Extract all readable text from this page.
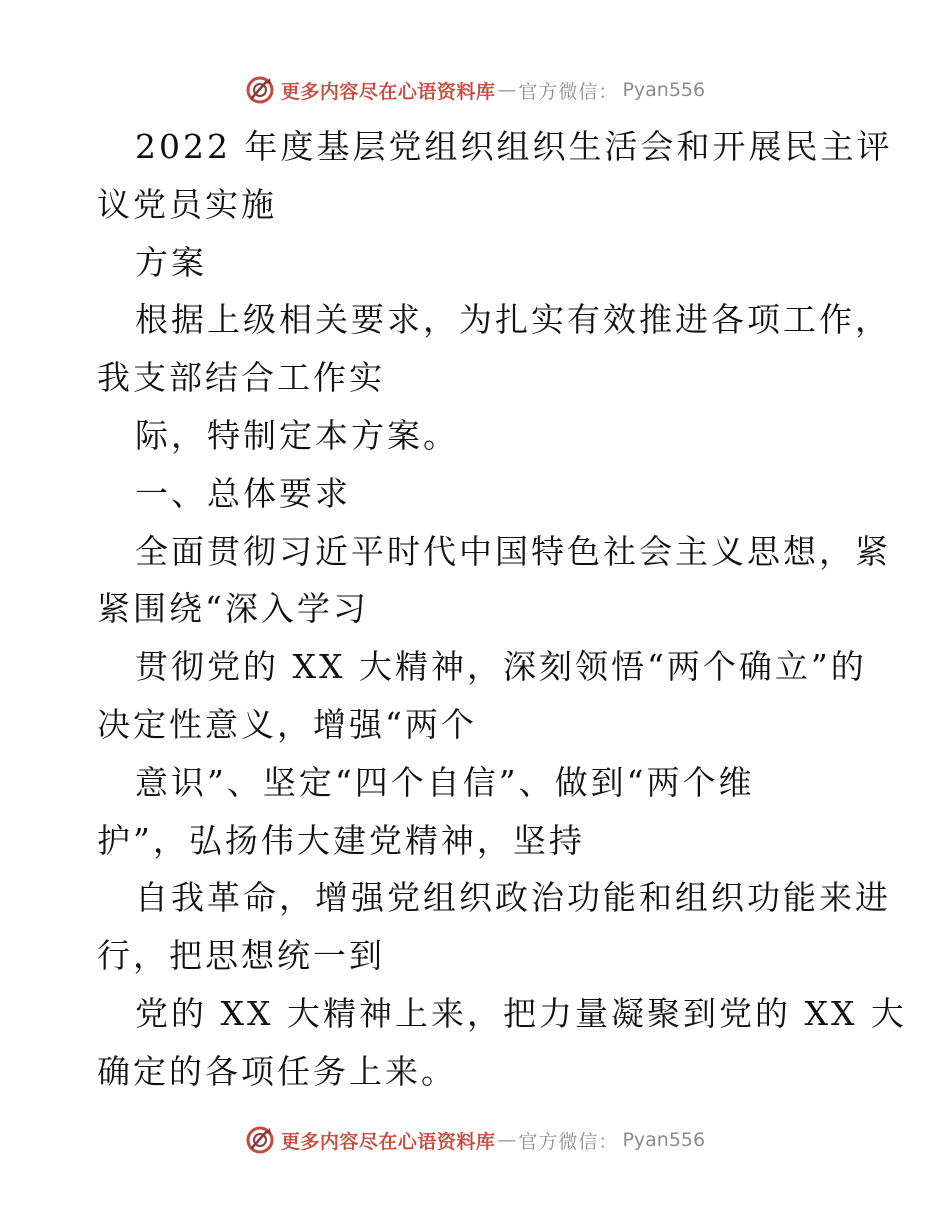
更多内容尽在心语资料库 — 官方微信： Pyan556
2022 年度基层党组织组织生活会和开展民主评
议党员实施
方案
根据上级相关要求，为扎实有效推进各项工作，
我支部结合工作实
际，特制定本方案。
一、总体要求
全面贯彻习近平时代中国特色社会主义思想，紧
紧围绕“深入学习
贯彻党的 XX 大精神，深刻领悟“两个确立”的
决定性意义，增强“两个
意识”、坚定“四个自信”、做到“两个维
护”，弘扬伟大建党精神，坚持
自我革命，增强党组织政治功能和组织功能来进
行，把思想统一到
党的 XX 大精神上来，把力量凝聚到党的 XX 大
确定的各项任务上来。
更多内容尽在心语资料库 — 官方微信： Pyan556
